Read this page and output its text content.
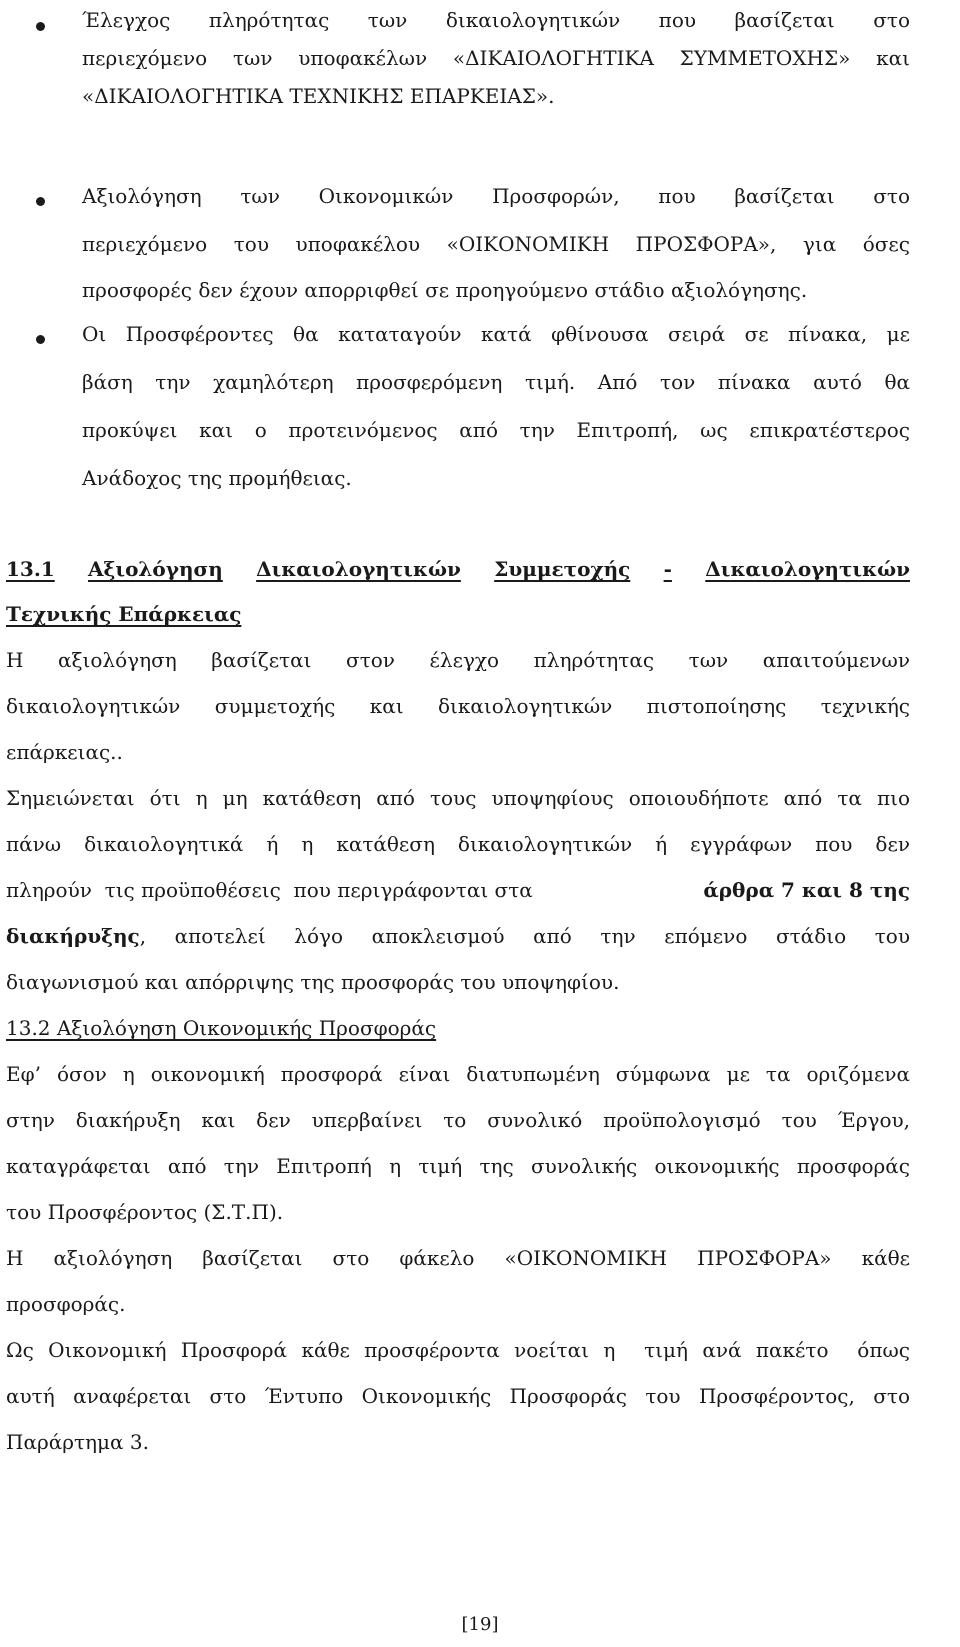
Έλεγχος πληρότητας των δικαιολογητικών που βασίζεται στο
περιεχόμενο των υποφακέλων «ΔΙΚΑΙΟΛΟΓΗΤΙΚΑ ΣΥΜΜΕΤΟΧΗΣ» και
«ΔΙΚΑΙΟΛΟΓΗΤΙΚΑ ΤΕΧΝΙΚΗΣ ΕΠΑΡΚΕΙΑΣ».
Αξιολόγηση των Οικονομικών Προσφορών, που βασίζεται στο
περιεχόμενο του υποφακέλου «ΟΙΚΟΝΟΜΙΚΗ ΠΡΟΣΦΟΡΑ», για όσες
προσφορές δεν έχουν απορριφθεί σε προηγούμενο στάδιο αξιολόγησης.
Οι Προσφέροντες θα καταταγούν κατά φθίνουσα σειρά σε πίνακα, με
βάση την χαμηλότερη προσφερόμενη τιμή. Από τον πίνακα αυτό θα
προκύψει και ο προτεινόμενος από την Επιτροπή, ως επικρατέστερος
Ανάδοχος της προμήθειας.
13.1 Αξιολόγηση Δικαιολογητικών Συμμετοχής - Δικαιολογητικών
Τεχνικής Επάρκειας
Η αξιολόγηση βασίζεται στον έλεγχο πληρότητας των απαιτούμενων
δικαιολογητικών συμμετοχής και δικαιολογητικών πιστοποίησης τεχνικής
επάρκειας..
Σημειώνεται ότι η μη κατάθεση από τους υποψηφίους οποιουδήποτε από τα πιο
πάνω δικαιολογητικά ή η κατάθεση δικαιολογητικών ή εγγράφων που δεν
πληρούν  τις προϋποθέσεις  που περιγράφονται στα	άρθρα 7 και 8 της
διακήρυξης, αποτελεί λόγο αποκλεισμού από την επόμενο στάδιο του
διαγωνισμού και απόρριψης της προσφοράς του υποψηφίου.
13.2 Αξιολόγηση Οικονομικής Προσφοράς
Εφ’ όσον η οικονομική προσφορά είναι διατυπωμένη σύμφωνα με τα οριζόμενα
στην διακήρυξη και δεν υπερβαίνει το συνολικό προϋπολογισμό του Έργου,
καταγράφεται από την Επιτροπή η τιμή της συνολικής οικονομικής προσφοράς
του Προσφέροντος (Σ.Τ.Π).
Η αξιολόγηση βασίζεται στο φάκελο «ΟΙΚΟΝΟΜΙΚΗ ΠΡΟΣΦΟΡΑ» κάθε
προσφοράς.
Ως Οικονομική Προσφορά κάθε προσφέροντα νοείται η  τιμή ανά πακέτο  όπως
αυτή αναφέρεται στο Έντυπο Οικονομικής Προσφοράς του Προσφέροντος, στο
Παράρτημα 3.
[19]
